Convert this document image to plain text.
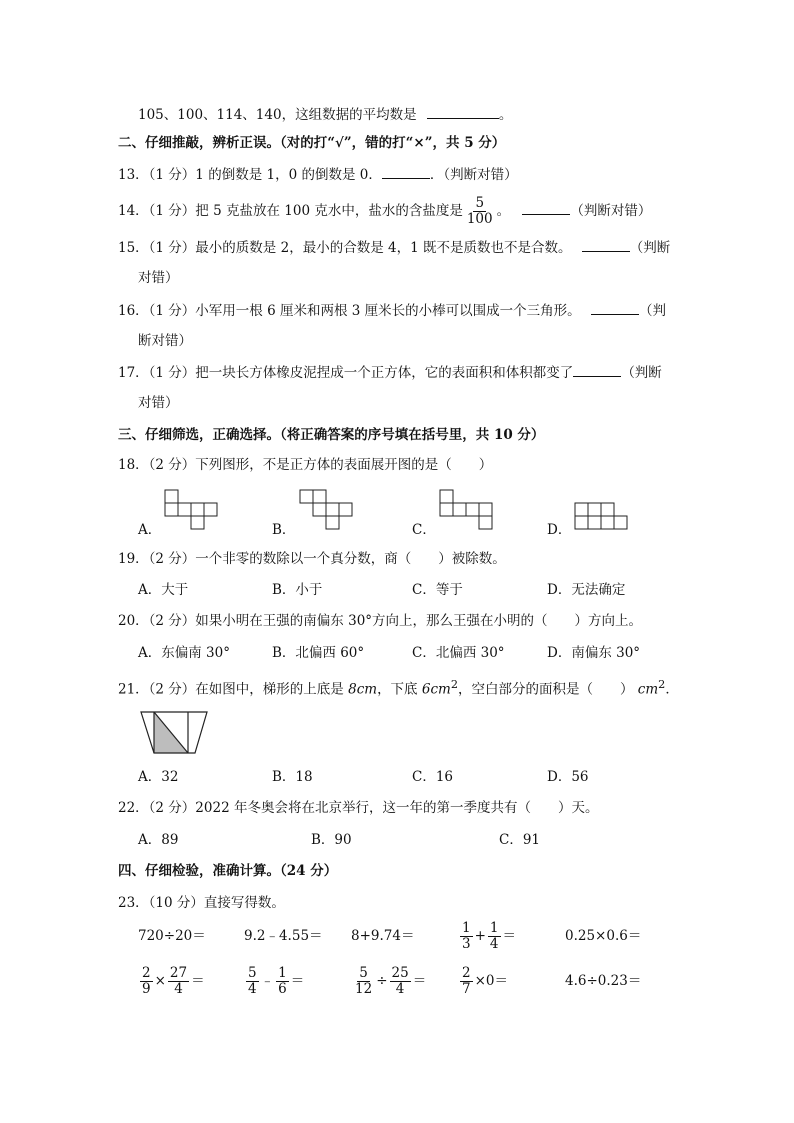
105、100、114、140，这组数据的平均数是	。
二、仔细推敲，辨析正误。（对的打“√”，错的打“×”，共 5 分）
13．（1 分）1 的倒数是 1，0 的倒数是 0．	．（判断对错）
14．（1 分）把 5 克盐放在 100 克水中，盐水的含盐度是 $\frac{5}{100}$ 。	（判断对错）
15．（1 分）最小的质数是 2，最小的合数是 4，1 既不是质数也不是合数。	（判断
对错）
16．（1 分）小军用一根 6 厘米和两根 3 厘米长的小棒可以围成一个三角形。	（判
断对错）
17．（1 分）把一块长方体橡皮泥捏成一个正方体，它的表面积和体积都变了	（判断
对错）
三、仔细筛选，正确选择。（将正确答案的序号填在括号里，共 10 分）
18．（2 分）下列图形，不是正方体的表面展开图的是（　　）
A．	B．	C．	D．
19．（2 分）一个非零的数除以一个真分数，商（　　）被除数。
A．大于	B．小于	C．等于	D．无法确定
20．（2 分）如果小明在王强的南偏东 30°方向上，那么王强在小明的（　　）方向上。
A．东偏南 30°	B．北偏西 60°	C．北偏西 30°	D．南偏东 30°
21．（2 分）在如图中，梯形的上底是 8cm，下底 $6cm^2$，空白部分的面积是（　　） $cm^2$．
A．32	B．18	C．16	D．56
22．（2 分）2022 年冬奥会将在北京举行，这一年的第一季度共有（　　）天。
A．89	B．90	C．91
四、仔细检验，准确计算。（24 分）
23．（10 分）直接写得数。
720÷20＝	9.2﹣4.55＝ 8+9.74＝	$\frac{1}{3} + \frac{1}{4}$ ＝	0.25×0.6＝
$\frac{2}{9} \times \frac{27}{4}$ ＝	$\frac{5}{4}$ ﹣ $\frac{1}{6}$ ＝	$\frac{5}{12} \div \frac{25}{4}$ ＝	$\frac{2}{7} \times 0=$	4.6÷0.23＝
